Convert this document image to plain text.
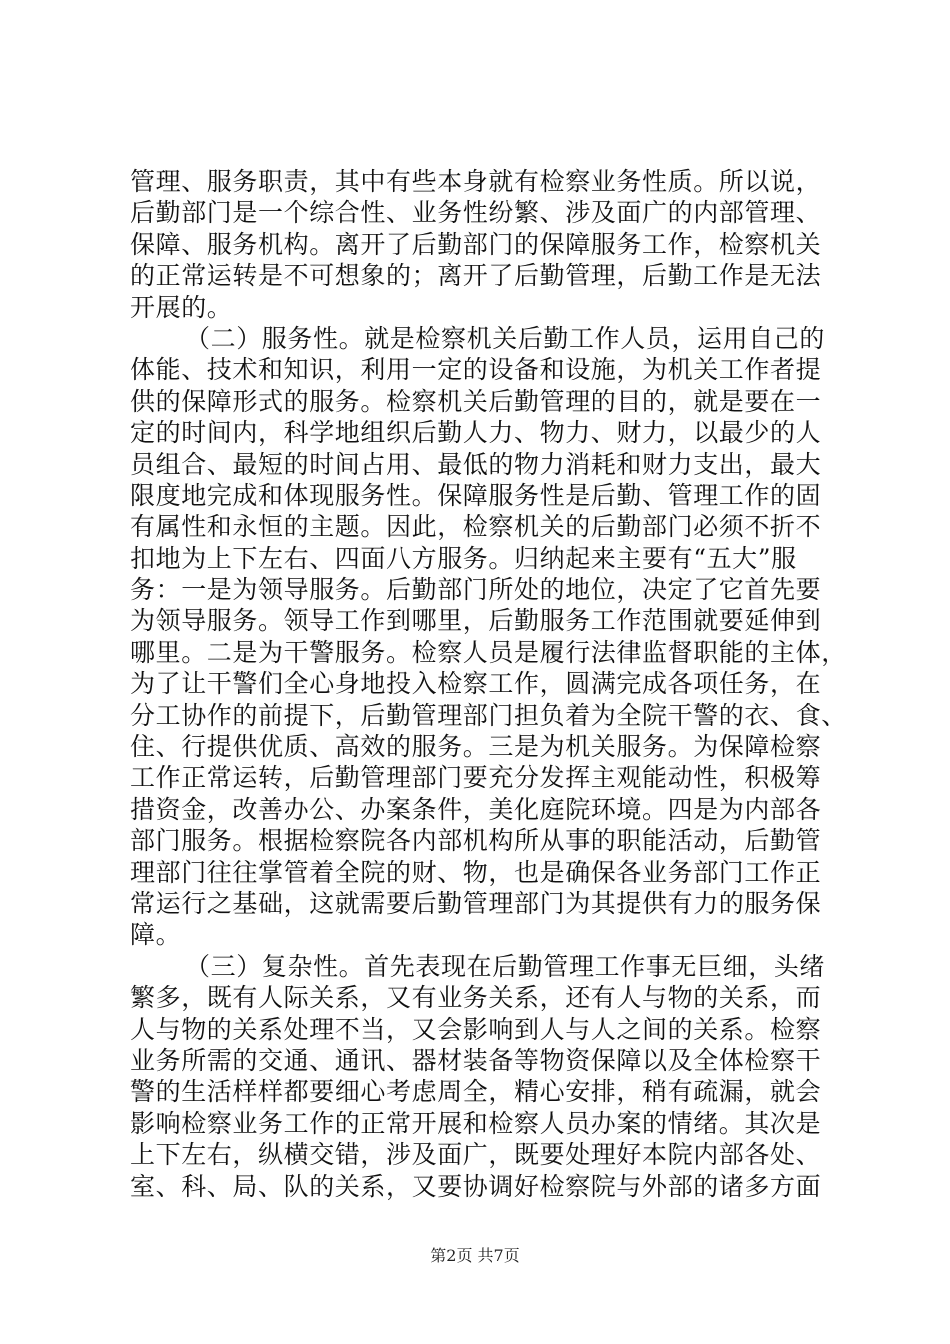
管理、服务职责，其中有些本身就有检察业务性质。所以说，
后勤部门是一个综合性、业务性纷繁、涉及面广的内部管理、
保障、服务机构。离开了后勤部门的保障服务工作，检察机关
的正常运转是不可想象的；离开了后勤管理，后勤工作是无法
开展的。
（二）服务性。就是检察机关后勤工作人员，运用自己的
体能、技术和知识，利用一定的设备和设施，为机关工作者提
供的保障形式的服务。检察机关后勤管理的目的，就是要在一
定的时间内，科学地组织后勤人力、物力、财力，以最少的人
员组合、最短的时间占用、最低的物力消耗和财力支出，最大
限度地完成和体现服务性。保障服务性是后勤、管理工作的固
有属性和永恒的主题。因此，检察机关的后勤部门必须不折不
扣地为上下左右、四面八方服务。归纳起来主要有“五大”服
务：一是为领导服务。后勤部门所处的地位，决定了它首先要
为领导服务。领导工作到哪里，后勤服务工作范围就要延伸到
哪里。二是为干警服务。检察人员是履行法律监督职能的主体，
为了让干警们全心身地投入检察工作，圆满完成各项任务，在
分工协作的前提下，后勤管理部门担负着为全院干警的衣、食、
住、行提供优质、高效的服务。三是为机关服务。为保障检察
工作正常运转，后勤管理部门要充分发挥主观能动性，积极筹
措资金，改善办公、办案条件，美化庭院环境。四是为内部各
部门服务。根据检察院各内部机构所从事的职能活动，后勤管
理部门往往掌管着全院的财、物，也是确保各业务部门工作正
常运行之基础，这就需要后勤管理部门为其提供有力的服务保
障。
（三）复杂性。首先表现在后勤管理工作事无巨细，头绪
繁多，既有人际关系，又有业务关系，还有人与物的关系，而
人与物的关系处理不当，又会影响到人与人之间的关系。检察
业务所需的交通、通讯、器材装备等物资保障以及全体检察干
警的生活样样都要细心考虑周全，精心安排，稍有疏漏，就会
影响检察业务工作的正常开展和检察人员办案的情绪。其次是
上下左右，纵横交错，涉及面广，既要处理好本院内部各处、
室、科、局、队的关系，又要协调好检察院与外部的诸多方面
第2页 共7页
